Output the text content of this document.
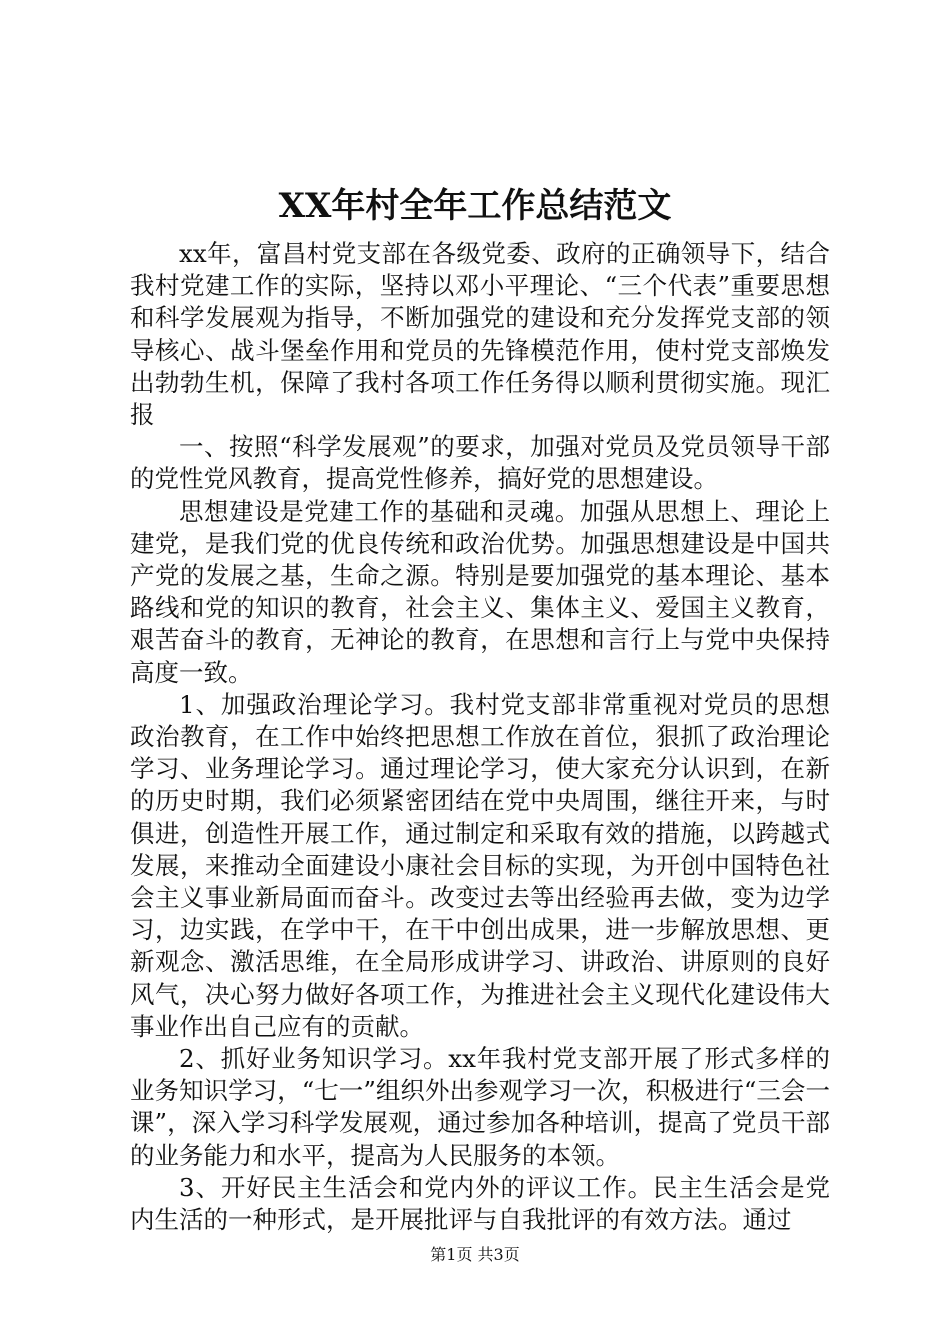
XX年村全年工作总结范文

xx年，富昌村党支部在各级党委、政府的正确领导下，结合我村党建工作的实际，坚持以邓小平理论、“三个代表”重要思想和科学发展观为指导，不断加强党的建设和充分发挥党支部的领导核心、战斗堡垒作用和党员的先锋模范作用，使村党支部焕发出勃勃生机，保障了我村各项工作任务得以顺利贯彻实施。现汇报

一、按照“科学发展观”的要求，加强对党员及党员领导干部的党性党风教育，提高党性修养，搞好党的思想建设。

思想建设是党建工作的基础和灵魂。加强从思想上、理论上建党，是我们党的优良传统和政治优势。加强思想建设是中国共产党的发展之基，生命之源。特别是要加强党的基本理论、基本路线和党的知识的教育，社会主义、集体主义、爱国主义教育，艰苦奋斗的教育，无神论的教育，在思想和言行上与党中央保持高度一致。

1、加强政治理论学习。我村党支部非常重视对党员的思想政治教育，在工作中始终把思想工作放在首位，狠抓了政治理论学习、业务理论学习。通过理论学习，使大家充分认识到，在新的历史时期，我们必须紧密团结在党中央周围，继往开来，与时俱进，创造性开展工作，通过制定和采取有效的措施，以跨越式发展，来推动全面建设小康社会目标的实现，为开创中国特色社会主义事业新局面而奋斗。改变过去等出经验再去做，变为边学习，边实践，在学中干，在干中创出成果，进一步解放思想、更新观念、激活思维，在全局形成讲学习、讲政治、讲原则的良好风气，决心努力做好各项工作，为推进社会主义现代化建设伟大事业作出自己应有的贡献。

2、抓好业务知识学习。xx年我村党支部开展了形式多样的业务知识学习，“七一”组织外出参观学习一次，积极进行“三会一课”，深入学习科学发展观，通过参加各种培训，提高了党员干部的业务能力和水平，提高为人民服务的本领。

3、开好民主生活会和党内外的评议工作。民主生活会是党内生活的一种形式，是开展批评与自我批评的有效方法。通过

第1页 共3页
